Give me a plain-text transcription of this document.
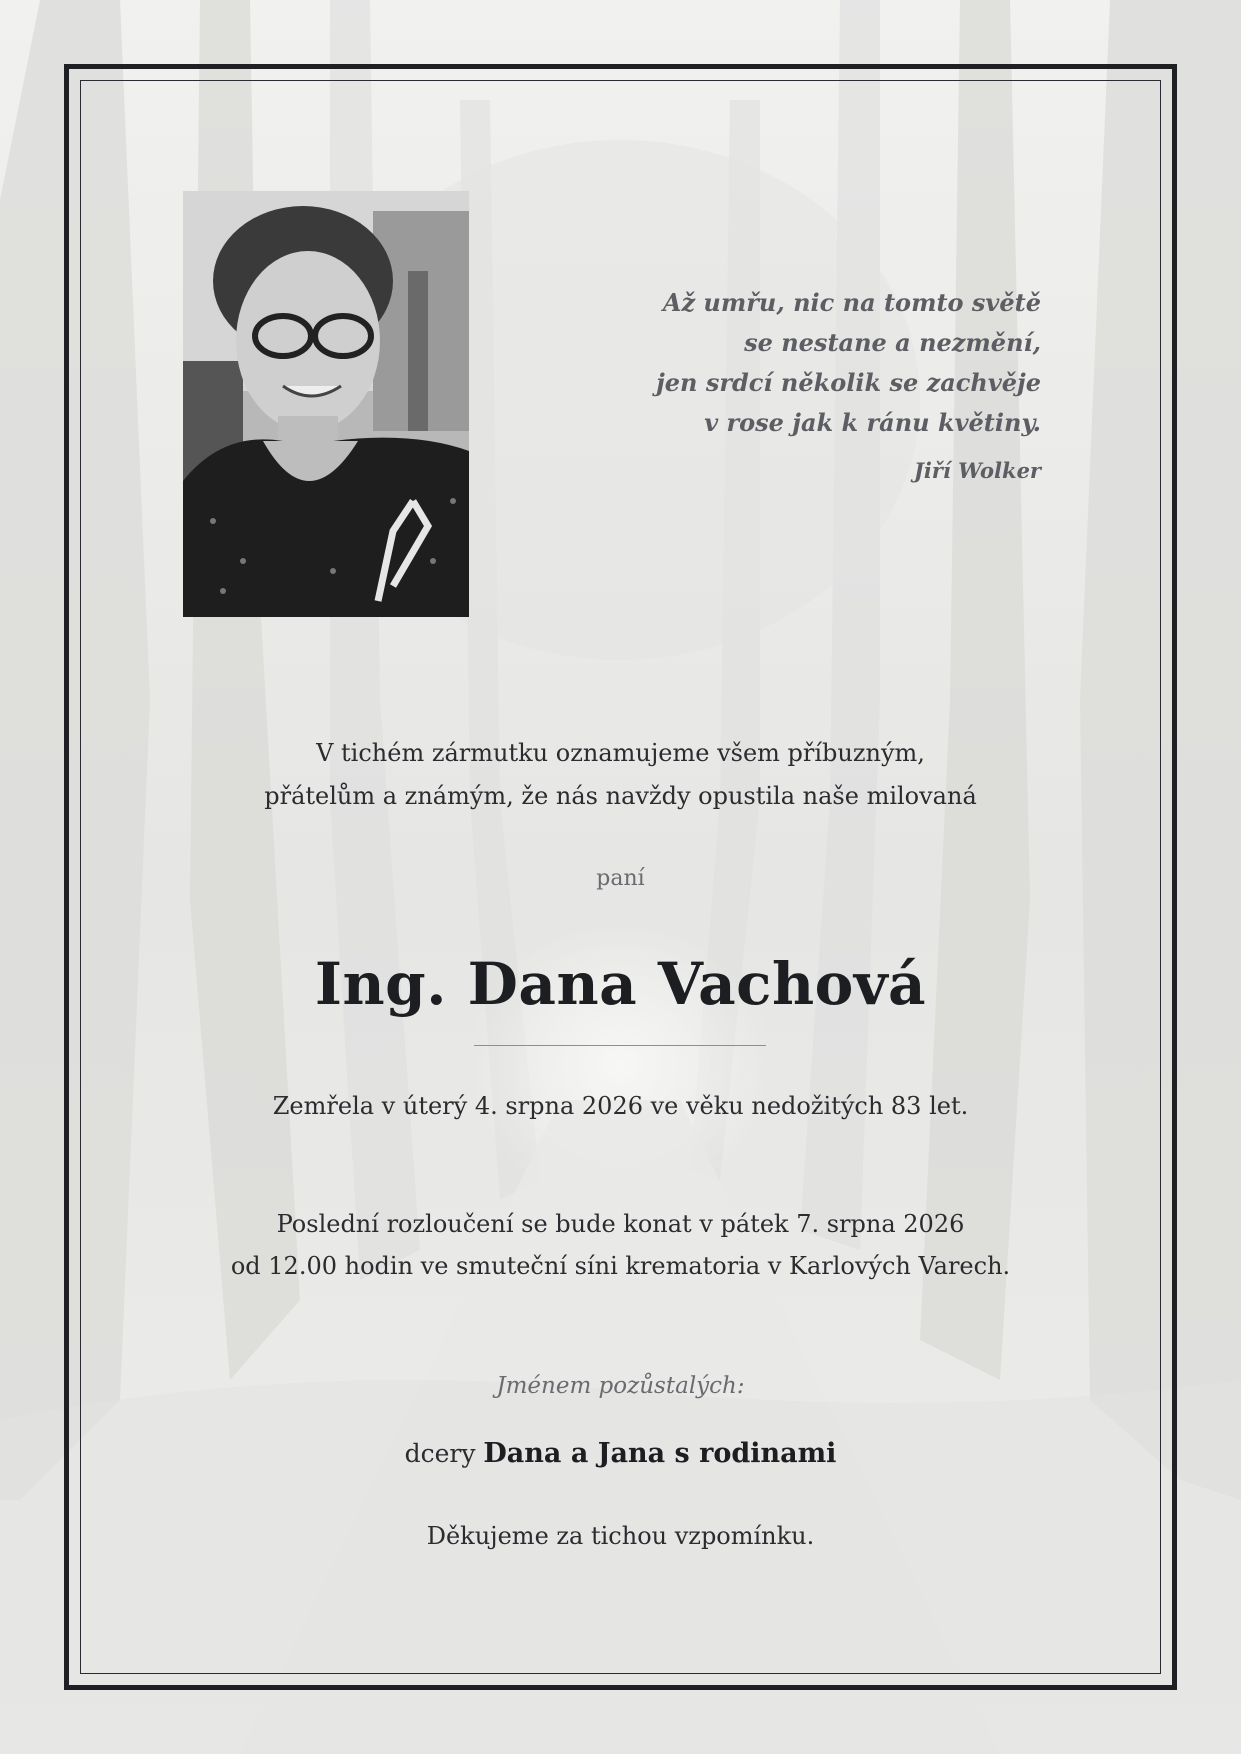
Až umřu, nic na tomto světě
se nestane a nezmění,
jen srdcí několik se zachvěje
v rose jak k ránu květiny.
Jiří Wolker
V tichém zármutku oznamujeme všem příbuzným,
přátelům a známým, že nás navždy opustila naše milovaná
paní
Ing. Dana Vachová
Zemřela v úterý 4. srpna 2026 ve věku nedožitých 83 let.
Poslední rozloučení se bude konat v pátek 7. srpna 2026
od 12.00 hodin ve smuteční síni krematoria v Karlových Varech.
Jménem pozůstalých:
dcery Dana a Jana s rodinami
Děkujeme za tichou vzpomínku.
